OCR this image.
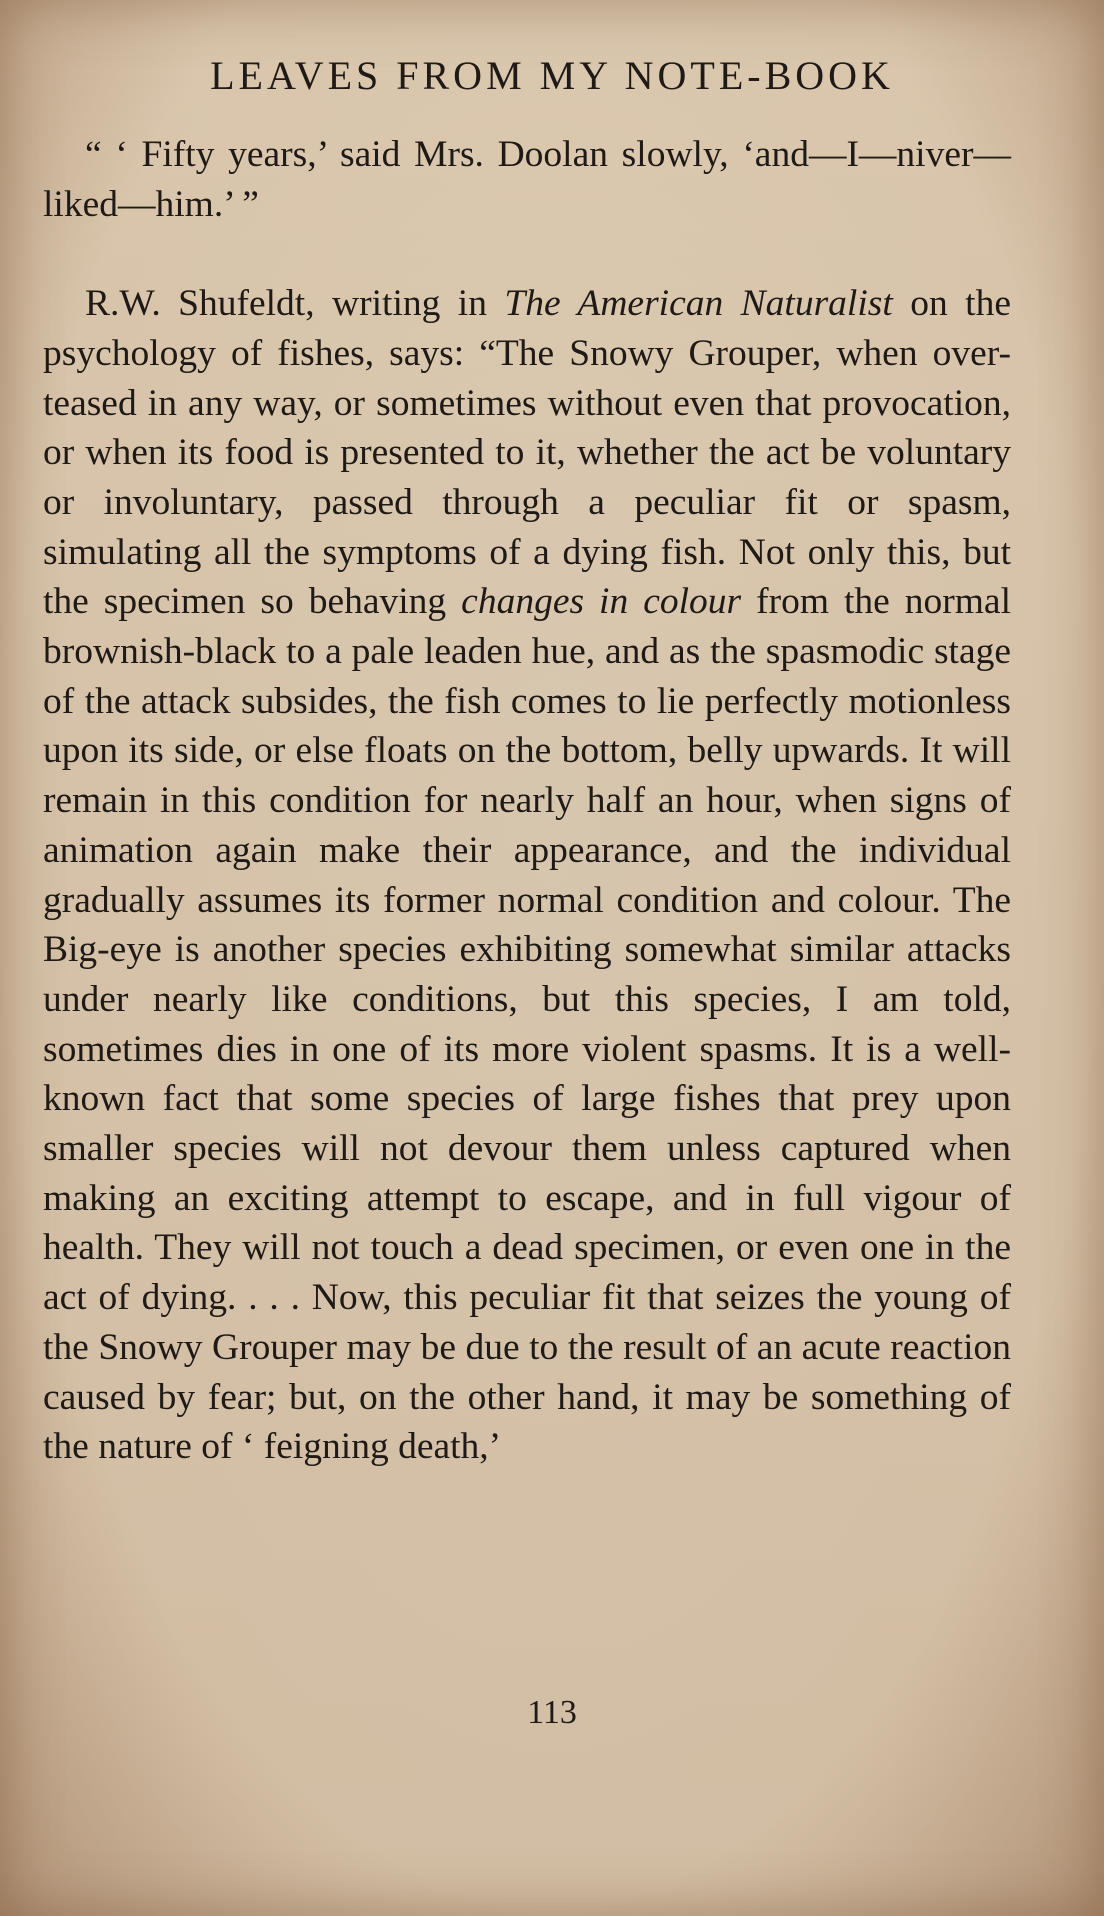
LEAVES FROM MY NOTE-BOOK

“ ‘ Fifty years,’ said Mrs. Doolan slowly, ‘and—I—niver—liked—him.’ ”

R.W. Shufeldt, writing in The American Naturalist on the psychology of fishes, says: “The Snowy Grouper, when over-teased in any way, or sometimes without even that provocation, or when its food is presented to it, whether the act be voluntary or involuntary, passed through a peculiar fit or spasm, simulating all the symptoms of a dying fish. Not only this, but the specimen so behaving changes in colour from the normal brownish-black to a pale leaden hue, and as the spasmodic stage of the attack subsides, the fish comes to lie perfectly motionless upon its side, or else floats on the bottom, belly upwards. It will remain in this condition for nearly half an hour, when signs of animation again make their appearance, and the individual gradually assumes its former normal condition and colour. The Big-eye is another species exhibiting somewhat similar attacks under nearly like conditions, but this species, I am told, sometimes dies in one of its more violent spasms. It is a well-known fact that some species of large fishes that prey upon smaller species will not devour them unless captured when making an exciting attempt to escape, and in full vigour of health. They will not touch a dead specimen, or even one in the act of dying. . . . Now, this peculiar fit that seizes the young of the Snowy Grouper may be due to the result of an acute reaction caused by fear; but, on the other hand, it may be something of the nature of ‘ feigning death,’

113
